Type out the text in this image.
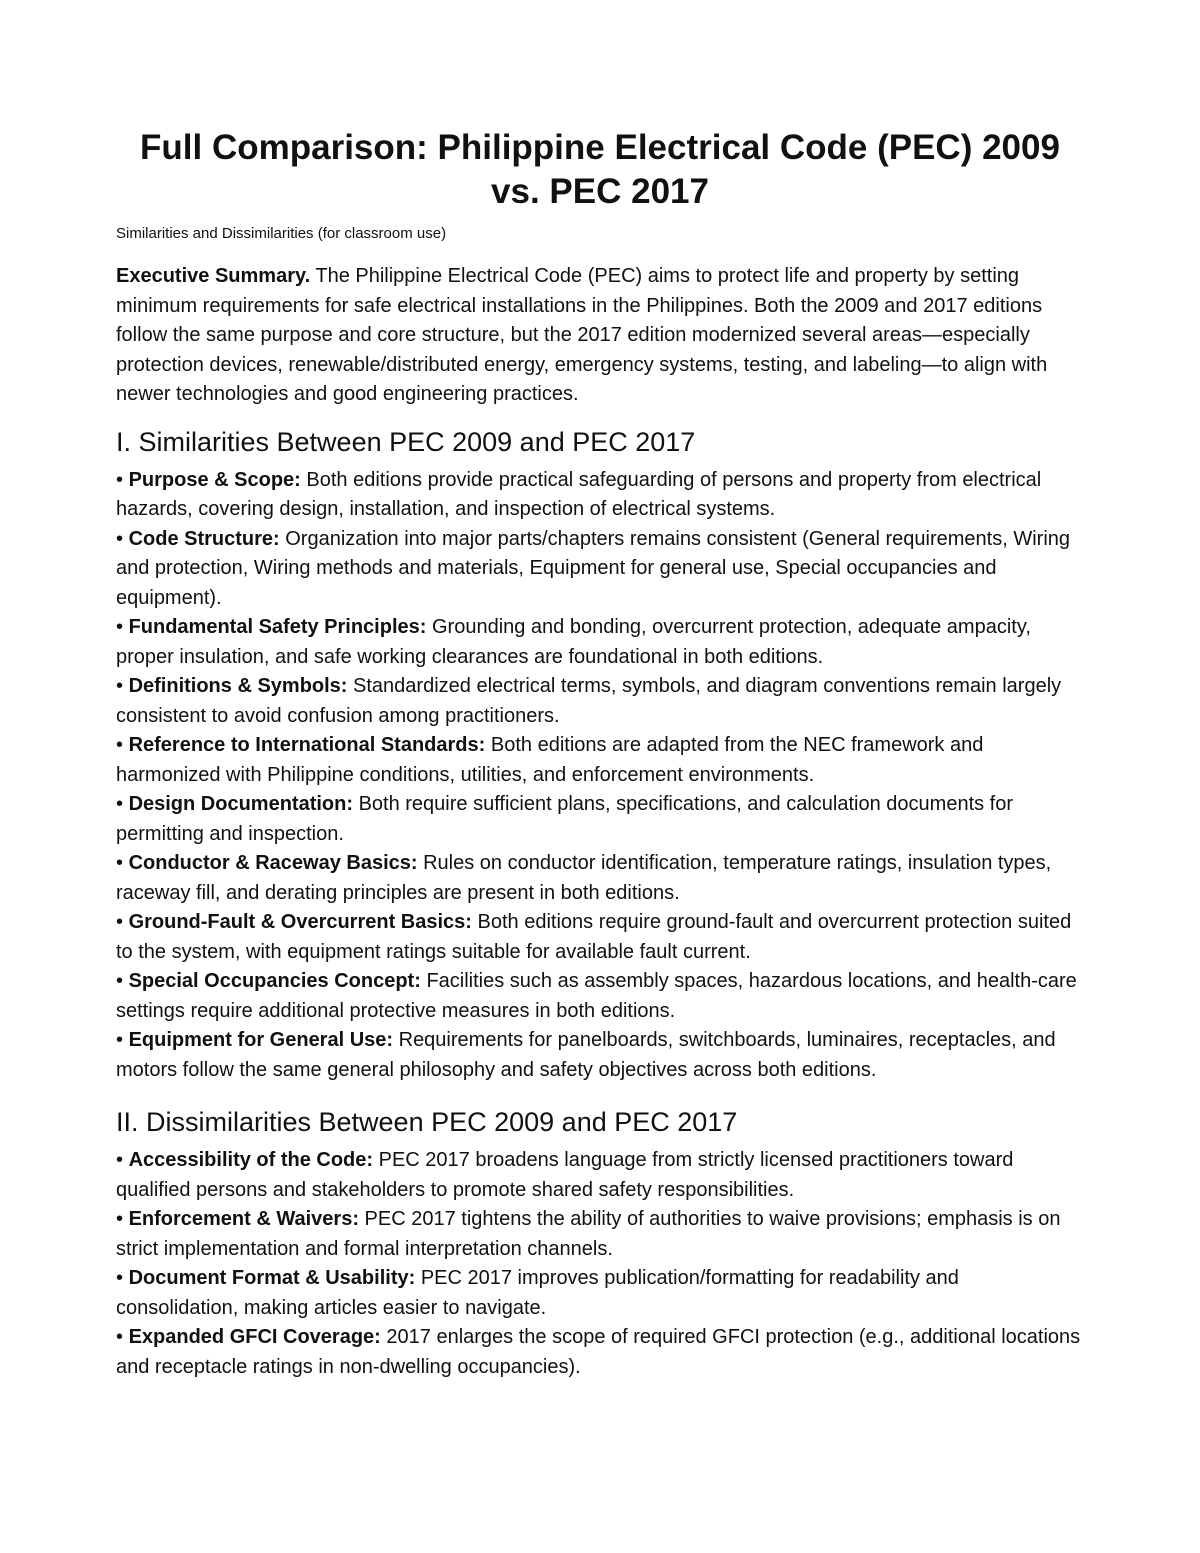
Full Comparison: Philippine Electrical Code (PEC) 2009 vs. PEC 2017

Similarities and Dissimilarities (for classroom use)

Executive Summary. The Philippine Electrical Code (PEC) aims to protect life and property by setting minimum requirements for safe electrical installations in the Philippines. Both the 2009 and 2017 editions follow the same purpose and core structure, but the 2017 edition modernized several areas—especially protection devices, renewable/distributed energy, emergency systems, testing, and labeling—to align with newer technologies and good engineering practices.

I. Similarities Between PEC 2009 and PEC 2017
• Purpose & Scope: Both editions provide practical safeguarding of persons and property from electrical hazards, covering design, installation, and inspection of electrical systems.
• Code Structure: Organization into major parts/chapters remains consistent (General requirements, Wiring and protection, Wiring methods and materials, Equipment for general use, Special occupancies and equipment).
• Fundamental Safety Principles: Grounding and bonding, overcurrent protection, adequate ampacity, proper insulation, and safe working clearances are foundational in both editions.
• Definitions & Symbols: Standardized electrical terms, symbols, and diagram conventions remain largely consistent to avoid confusion among practitioners.
• Reference to International Standards: Both editions are adapted from the NEC framework and harmonized with Philippine conditions, utilities, and enforcement environments.
• Design Documentation: Both require sufficient plans, specifications, and calculation documents for permitting and inspection.
• Conductor & Raceway Basics: Rules on conductor identification, temperature ratings, insulation types, raceway fill, and derating principles are present in both editions.
• Ground-Fault & Overcurrent Basics: Both editions require ground-fault and overcurrent protection suited to the system, with equipment ratings suitable for available fault current.
• Special Occupancies Concept: Facilities such as assembly spaces, hazardous locations, and health-care settings require additional protective measures in both editions.
• Equipment for General Use: Requirements for panelboards, switchboards, luminaires, receptacles, and motors follow the same general philosophy and safety objectives across both editions.
II. Dissimilarities Between PEC 2009 and PEC 2017
• Accessibility of the Code: PEC 2017 broadens language from strictly licensed practitioners toward qualified persons and stakeholders to promote shared safety responsibilities.
• Enforcement & Waivers: PEC 2017 tightens the ability of authorities to waive provisions; emphasis is on strict implementation and formal interpretation channels.
• Document Format & Usability: PEC 2017 improves publication/formatting for readability and consolidation, making articles easier to navigate.
• Expanded GFCI Coverage: 2017 enlarges the scope of required GFCI protection (e.g., additional locations and receptacle ratings in non-dwelling occupancies).
